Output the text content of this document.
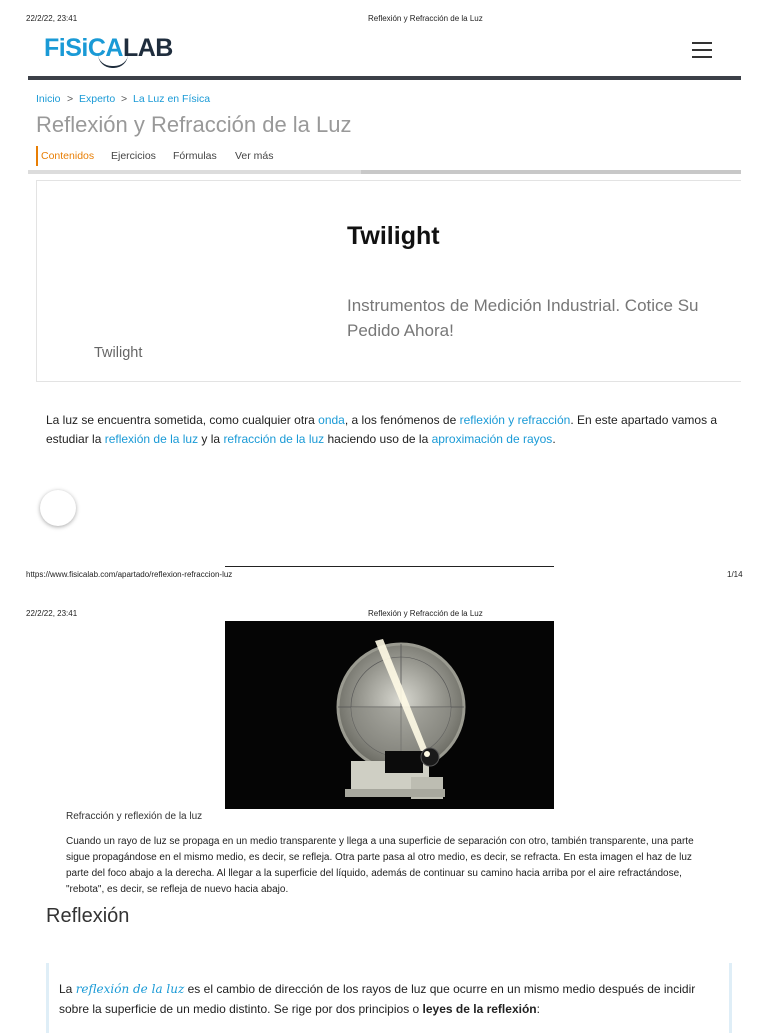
22/2/22, 23:41	Reflexión y Refracción de la Luz
FiSiCALAB
Inicio > Experto > La Luz en Física
Reflexión y Refracción de la Luz
Contenidos Ejercicios Fórmulas Ver más
Twilight
Instrumentos de Medición Industrial. Cotice Su Pedido Ahora!
Twilight

La luz se encuentra sometida, como cualquier otra onda, a los fenómenos de reflexión y refracción. En este apartado vamos a estudiar la reflexión de la luz y la refracción de la luz haciendo uso de la aproximación de rayos.

https://www.fisicalab.com/apartado/reflexion-refraccion-luz	1/14
22/2/22, 23:41	Reflexión y Refracción de la Luz
Refracción y reflexión de la luz
Cuando un rayo de luz se propaga en un medio transparente y llega a una superficie de separación con otro, también transparente, una parte sigue propagándose en el mismo medio, es decir, se refleja. Otra parte pasa al otro medio, es decir, se refracta. En esta imagen el haz de luz parte del foco abajo a la derecha. Al llegar a la superficie del líquido, además de continuar su camino hacia arriba por el aire refractándose, "rebota", es decir, se refleja de nuevo hacia abajo.
Reflexión

La reflexión de la luz es el cambio de dirección de los rayos de luz que ocurre en un mismo medio después de incidir sobre la superficie de un medio distinto. Se rige por dos principios o leyes de la reflexión:
